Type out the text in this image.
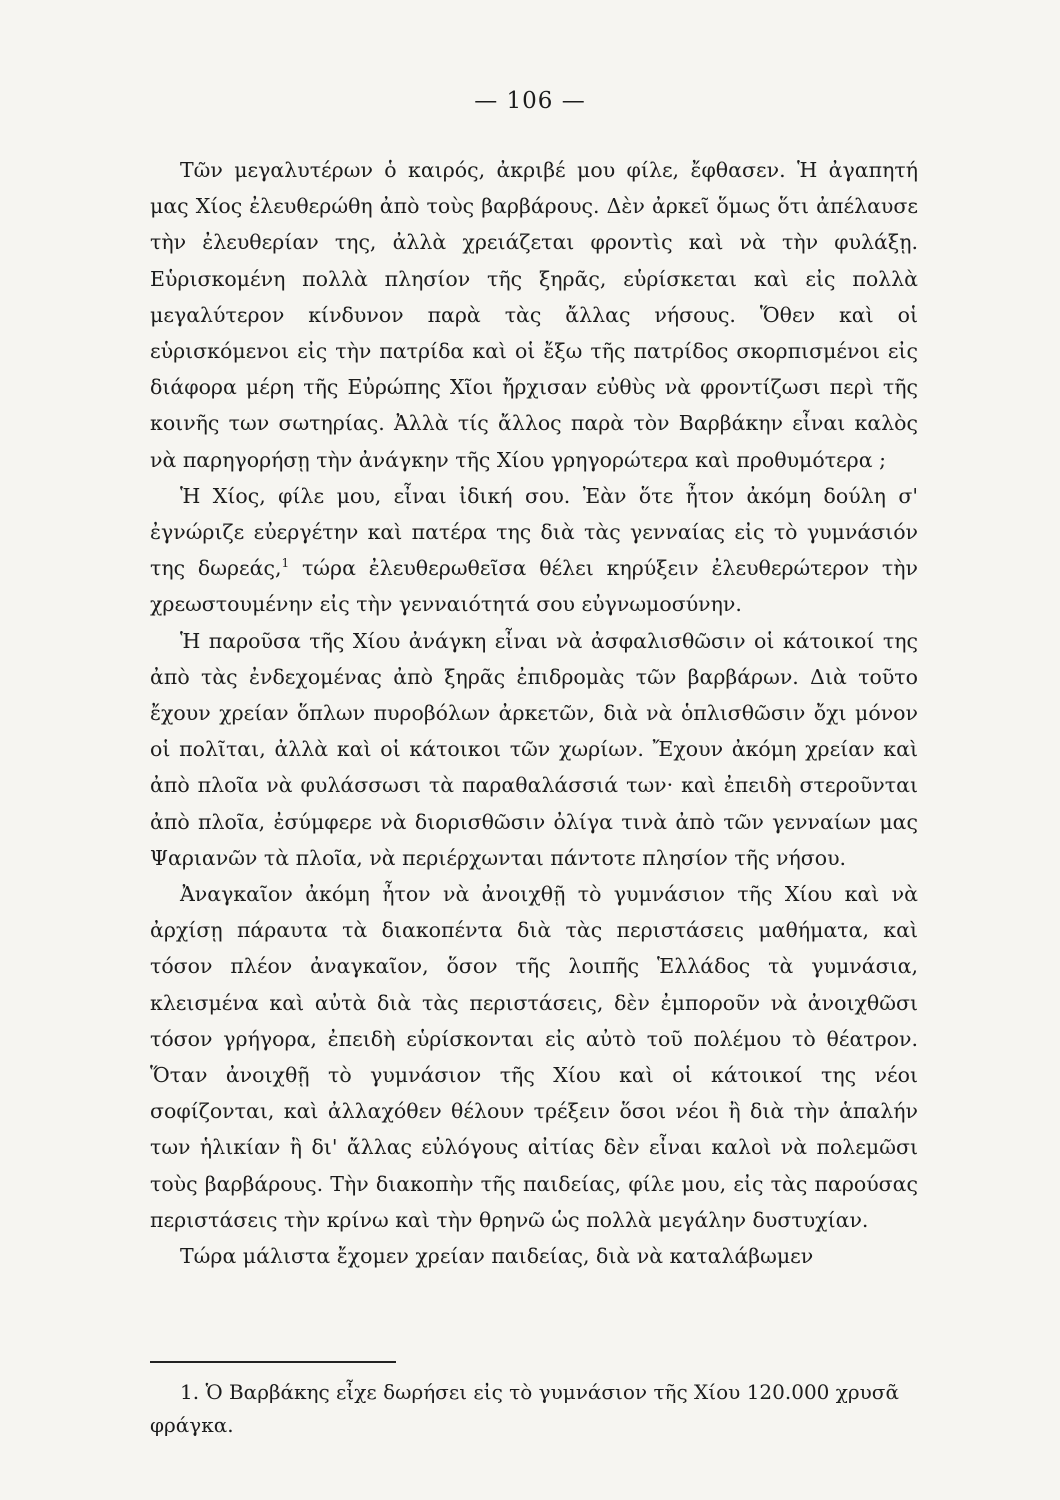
— 106 —

Τῶν μεγαλυτέρων ὁ καιρός, ἀκριβέ μου φίλε, ἔφθασεν. Ἡ ἀγαπητή μας Χίος ἐλευθερώθη ἀπὸ τοὺς βαρβάρους. Δὲν ἀρκεῖ ὅμως ὅτι ἀπέλαυσε τὴν ἐλευθερίαν της, ἀλλὰ χρειάζεται φροντὶς καὶ νὰ τὴν φυλάξῃ. Εὑρισκομένη πολλὰ πλησίον τῆς ξηρᾶς, εὑρίσκεται καὶ εἰς πολλὰ μεγαλύτερον κίνδυνον παρὰ τὰς ἄλλας νήσους. Ὅθεν καὶ οἱ εὑρισκόμενοι εἰς τὴν πατρίδα καὶ οἱ ἔξω τῆς πατρίδος σκορπισμένοι εἰς διάφορα μέρη τῆς Εὐρώπης Χῖοι ἤρχισαν εὐθὺς νὰ φροντίζωσι περὶ τῆς κοινῆς των σωτηρίας. Ἀλλὰ τίς ἄλλος παρὰ τὸν Βαρβάκην εἶναι καλὸς νὰ παρηγορήσῃ τὴν ἀνάγκην τῆς Χίου γρηγορώτερα καὶ προθυμότερα ;

Ἡ Χίος, φίλε μου, εἶναι ἰδική σου. Ἐὰν ὅτε ἦτον ἀκόμη δούλη σ' ἐγνώριζε εὐεργέτην καὶ πατέρα της διὰ τὰς γενναίας εἰς τὸ γυμνάσιόν της δωρεάς,$^1$ τώρα ἐλευθερωθεῖσα θέλει κηρύξειν ἐλευθερώτερον τὴν χρεωστουμένην εἰς τὴν γενναιότητά σου εὐγνωμοσύνην.

Ἡ παροῦσα τῆς Χίου ἀνάγκη εἶναι νὰ ἀσφαλισθῶσιν οἱ κάτοικοί της ἀπὸ τὰς ἐνδεχομένας ἀπὸ ξηρᾶς ἐπιδρομὰς τῶν βαρβάρων. Διὰ τοῦτο ἔχουν χρείαν ὅπλων πυροβόλων ἀρκετῶν, διὰ νὰ ὁπλισθῶσιν ὄχι μόνον οἱ πολῖται, ἀλλὰ καὶ οἱ κάτοικοι τῶν χωρίων. Ἔχουν ἀκόμη χρείαν καὶ ἀπὸ πλοῖα νὰ φυλάσσωσι τὰ παραθαλάσσιά των· καὶ ἐπειδὴ στεροῦνται ἀπὸ πλοῖα, ἐσύμφερε νὰ διορισθῶσιν ὀλίγα τινὰ ἀπὸ τῶν γενναίων μας Ψαριανῶν τὰ πλοῖα, νὰ περιέρχωνται πάντοτε πλησίον τῆς νήσου.

Ἀναγκαῖον ἀκόμη ἦτον νὰ ἀνοιχθῇ τὸ γυμνάσιον τῆς Χίου καὶ νὰ ἀρχίσῃ πάραυτα τὰ διακοπέντα διὰ τὰς περιστάσεις μαθήματα, καὶ τόσον πλέον ἀναγκαῖον, ὅσον τῆς λοιπῆς Ἑλλάδος τὰ γυμνάσια, κλεισμένα καὶ αὐτὰ διὰ τὰς περιστάσεις, δὲν ἐμποροῦν νὰ ἀνοιχθῶσι τόσον γρήγορα, ἐπειδὴ εὑρίσκονται εἰς αὐτὸ τοῦ πολέμου τὸ θέατρον. Ὅταν ἀνοιχθῇ τὸ γυμνάσιον τῆς Χίου καὶ οἱ κάτοικοί της νέοι σοφίζονται, καὶ ἀλλαχόθεν θέλουν τρέξειν ὅσοι νέοι ἢ διὰ τὴν ἁπαλήν των ἡλικίαν ἢ δι' ἄλλας εὐλόγους αἰτίας δὲν εἶναι καλοὶ νὰ πολεμῶσι τοὺς βαρβάρους. Τὴν διακοπὴν τῆς παιδείας, φίλε μου, εἰς τὰς παρούσας περιστάσεις τὴν κρίνω καὶ τὴν θρηνῶ ὡς πολλὰ μεγάλην δυστυχίαν.

Τώρα μάλιστα ἔχομεν χρείαν παιδείας, διὰ νὰ καταλάβωμεν

1. Ὁ Βαρβάκης εἶχε δωρήσει εἰς τὸ γυμνάσιον τῆς Χίου 120.000 χρυσᾶ φράγκα.
